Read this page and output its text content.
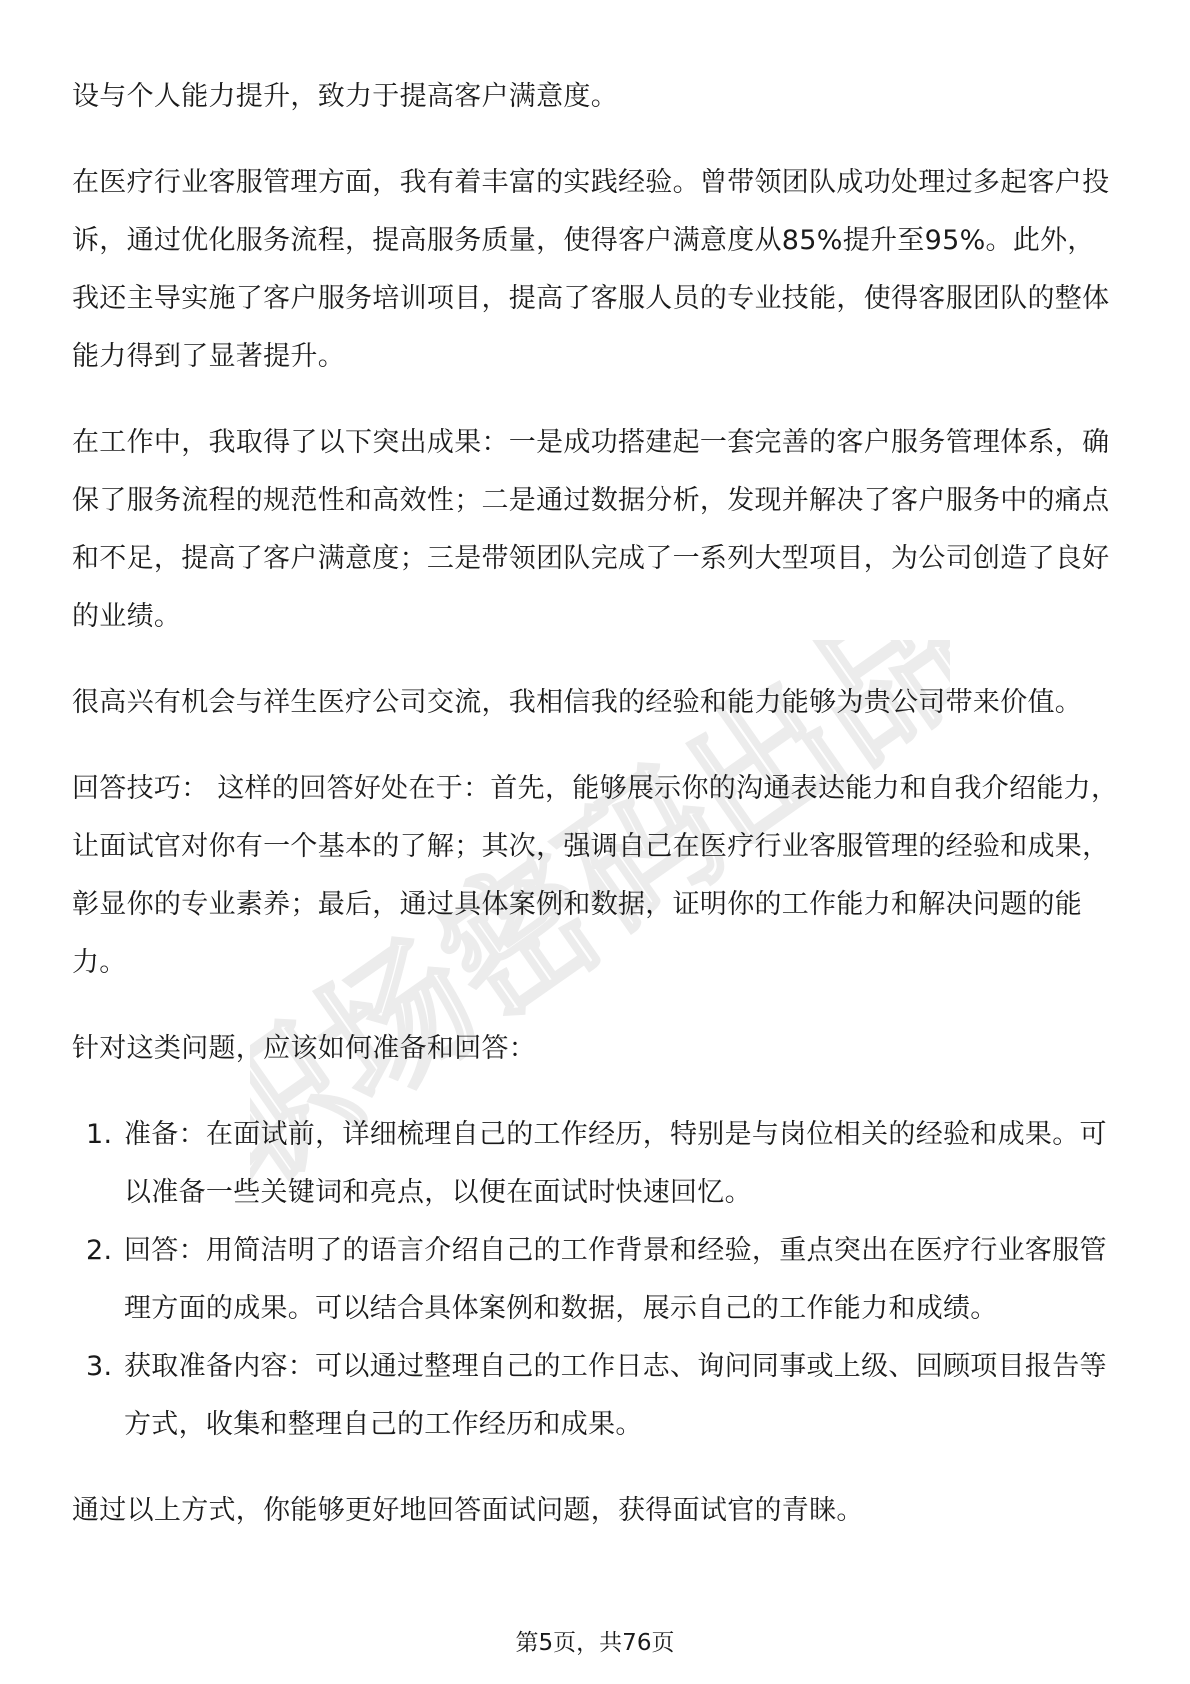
职场密码出品

设与个人能力提升，致力于提高客户满意度。

在医疗行业客服管理方面，我有着丰富的实践经验。曾带领团队成功处理过多起客户投诉，通过优化服务流程，提高服务质量，使得客户满意度从85%提升至95%。此外，我还主导实施了客户服务培训项目，提高了客服人员的专业技能，使得客服团队的整体能力得到了显著提升。

在工作中，我取得了以下突出成果：一是成功搭建起一套完善的客户服务管理体系，确保了服务流程的规范性和高效性；二是通过数据分析，发现并解决了客户服务中的痛点和不足，提高了客户满意度；三是带领团队完成了一系列大型项目，为公司创造了良好的业绩。

很高兴有机会与祥生医疗公司交流，我相信我的经验和能力能够为贵公司带来价值。

回答技巧： 这样的回答好处在于：首先，能够展示你的沟通表达能力和自我介绍能力，让面试官对你有一个基本的了解；其次，强调自己在医疗行业客服管理的经验和成果，彰显你的专业素养；最后，通过具体案例和数据，证明你的工作能力和解决问题的能力。

针对这类问题，应该如何准备和回答：

1. 准备：在面试前，详细梳理自己的工作经历，特别是与岗位相关的经验和成果。可以准备一些关键词和亮点，以便在面试时快速回忆。
2. 回答：用简洁明了的语言介绍自己的工作背景和经验，重点突出在医疗行业客服管理方面的成果。可以结合具体案例和数据，展示自己的工作能力和成绩。
3. 获取准备内容：可以通过整理自己的工作日志、询问同事或上级、回顾项目报告等方式，收集和整理自己的工作经历和成果。

通过以上方式，你能够更好地回答面试问题，获得面试官的青睐。

第5页，共76页
